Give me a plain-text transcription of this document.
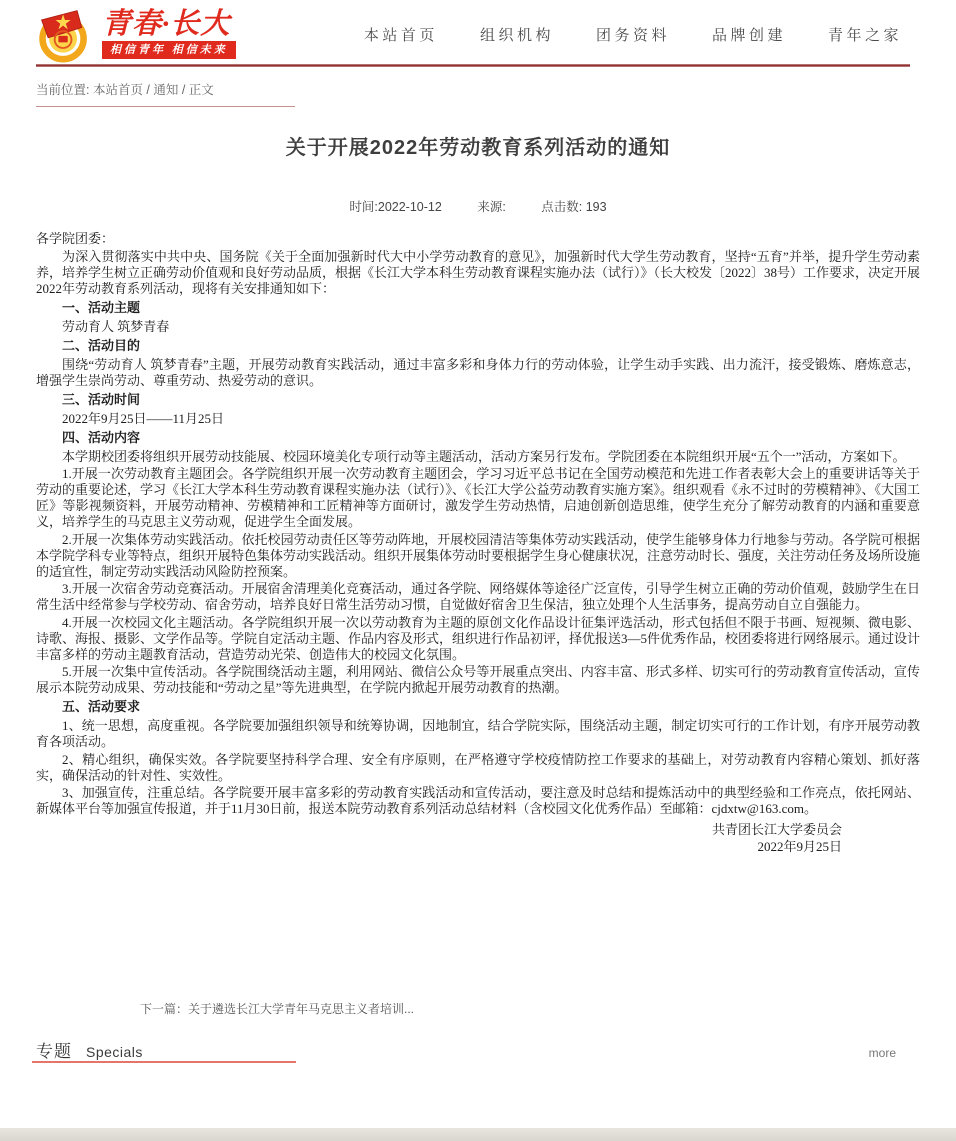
青春·长大
相信青年 相信未来
本站首页	组织机构	团务资料	品牌创建	青年之家
当前位置: 本站首页 / 通知 / 正文
关于开展2022年劳动教育系列活动的通知
时间:2022-10-12	来源:	点击数: 193

各学院团委：

为深入贯彻落实中共中央、国务院《关于全面加强新时代大中小学劳动教育的意见》，加强新时代大学生劳动教育，坚持“五育”并举，提升学生劳动素养，培养学生树立正确劳动价值观和良好劳动品质，根据《长江大学本科生劳动教育课程实施办法（试行）》（长大校发〔2022〕38号）工作要求，决定开展2022年劳动教育系列活动，现将有关安排通知如下：

一、活动主题

劳动育人 筑梦青春

二、活动目的

围绕“劳动育人 筑梦青春”主题，开展劳动教育实践活动，通过丰富多彩和身体力行的劳动体验，让学生动手实践、出力流汗，接受锻炼、磨炼意志，增强学生崇尚劳动、尊重劳动、热爱劳动的意识。

三、活动时间

2022年9月25日——11月25日

四、活动内容

本学期校团委将组织开展劳动技能展、校园环境美化专项行动等主题活动，活动方案另行发布。学院团委在本院组织开展“五个一”活动，方案如下。

1.开展一次劳动教育主题团会。各学院组织开展一次劳动教育主题团会，学习习近平总书记在全国劳动模范和先进工作者表彰大会上的重要讲话等关于劳动的重要论述，学习《长江大学本科生劳动教育课程实施办法（试行）》、《长江大学公益劳动教育实施方案》。组织观看《永不过时的劳模精神》、《大国工匠》等影视频资料，开展劳动精神、劳模精神和工匠精神等方面研讨，激发学生劳动热情，启迪创新创造思维，使学生充分了解劳动教育的内涵和重要意义，培养学生的马克思主义劳动观，促进学生全面发展。

2.开展一次集体劳动实践活动。依托校园劳动责任区等劳动阵地，开展校园清洁等集体劳动实践活动，使学生能够身体力行地参与劳动。各学院可根据本学院学科专业等特点，组织开展特色集体劳动实践活动。组织开展集体劳动时要根据学生身心健康状况，注意劳动时长、强度，关注劳动任务及场所设施的适宜性，制定劳动实践活动风险防控预案。

3.开展一次宿舍劳动竞赛活动。开展宿舍清理美化竞赛活动，通过各学院、网络媒体等途径广泛宣传，引导学生树立正确的劳动价值观，鼓励学生在日常生活中经常参与学校劳动、宿舍劳动，培养良好日常生活劳动习惯，自觉做好宿舍卫生保洁，独立处理个人生活事务，提高劳动自立自强能力。

4.开展一次校园文化主题活动。各学院组织开展一次以劳动教育为主题的原创文化作品设计征集评选活动，形式包括但不限于书画、短视频、微电影、诗歌、海报、摄影、文学作品等。学院自定活动主题、作品内容及形式，组织进行作品初评，择优报送3—5件优秀作品，校团委将进行网络展示。通过设计丰富多样的劳动主题教育活动，营造劳动光荣、创造伟大的校园文化氛围。

5.开展一次集中宣传活动。各学院围绕活动主题，利用网站、微信公众号等开展重点突出、内容丰富、形式多样、切实可行的劳动教育宣传活动，宣传展示本院劳动成果、劳动技能和“劳动之星”等先进典型，在学院内掀起开展劳动教育的热潮。

五、活动要求

1、统一思想，高度重视。各学院要加强组织领导和统筹协调，因地制宜，结合学院实际，围绕活动主题，制定切实可行的工作计划，有序开展劳动教育各项活动。

2、精心组织，确保实效。各学院要坚持科学合理、安全有序原则，在严格遵守学校疫情防控工作要求的基础上，对劳动教育内容精心策划、抓好落实，确保活动的针对性、实效性。

3、加强宣传，注重总结。各学院要开展丰富多彩的劳动教育实践活动和宣传活动，要注意及时总结和提炼活动中的典型经验和工作亮点，依托网站、新媒体平台等加强宣传报道，并于11月30日前，报送本院劳动教育系列活动总结材料（含校园文化优秀作品）至邮箱：cjdxtw@163.com。

共青团长江大学委员会
2022年9月25日
下一篇：关于遴选长江大学青年马克思主义者培训...
专题 Specials	more
